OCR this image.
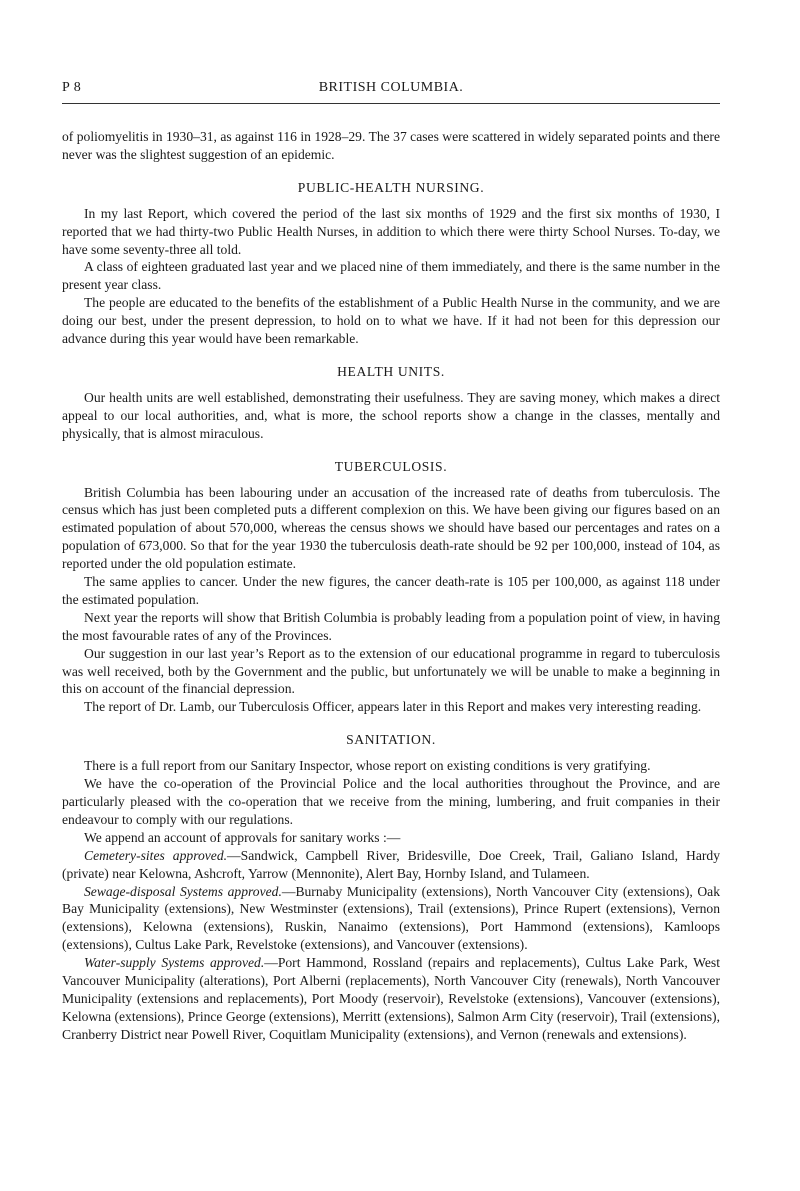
P 8	BRITISH COLUMBIA.

of poliomyelitis in 1930–31, as against 116 in 1928–29. The 37 cases were scattered in widely separated points and there never was the slightest suggestion of an epidemic.

PUBLIC-HEALTH NURSING.

In my last Report, which covered the period of the last six months of 1929 and the first six months of 1930, I reported that we had thirty-two Public Health Nurses, in addition to which there were thirty School Nurses. To-day, we have some seventy-three all told.

A class of eighteen graduated last year and we placed nine of them immediately, and there is the same number in the present year class.

The people are educated to the benefits of the establishment of a Public Health Nurse in the community, and we are doing our best, under the present depression, to hold on to what we have. If it had not been for this depression our advance during this year would have been remarkable.

HEALTH UNITS.

Our health units are well established, demonstrating their usefulness. They are saving money, which makes a direct appeal to our local authorities, and, what is more, the school reports show a change in the classes, mentally and physically, that is almost miraculous.

TUBERCULOSIS.

British Columbia has been labouring under an accusation of the increased rate of deaths from tuberculosis. The census which has just been completed puts a different complexion on this. We have been giving our figures based on an estimated population of about 570,000, whereas the census shows we should have based our percentages and rates on a population of 673,000. So that for the year 1930 the tuberculosis death-rate should be 92 per 100,000, instead of 104, as reported under the old population estimate.

The same applies to cancer. Under the new figures, the cancer death-rate is 105 per 100,000, as against 118 under the estimated population.

Next year the reports will show that British Columbia is probably leading from a population point of view, in having the most favourable rates of any of the Provinces.

Our suggestion in our last year’s Report as to the extension of our educational programme in regard to tuberculosis was well received, both by the Government and the public, but unfortunately we will be unable to make a beginning in this on account of the financial depression.

The report of Dr. Lamb, our Tuberculosis Officer, appears later in this Report and makes very interesting reading.

SANITATION.

There is a full report from our Sanitary Inspector, whose report on existing conditions is very gratifying.

We have the co-operation of the Provincial Police and the local authorities throughout the Province, and are particularly pleased with the co-operation that we receive from the mining, lumbering, and fruit companies in their endeavour to comply with our regulations.

We append an account of approvals for sanitary works :—

Cemetery-sites approved.—Sandwick, Campbell River, Bridesville, Doe Creek, Trail, Galiano Island, Hardy (private) near Kelowna, Ashcroft, Yarrow (Mennonite), Alert Bay, Hornby Island, and Tulameen.

Sewage-disposal Systems approved.—Burnaby Municipality (extensions), North Vancouver City (extensions), Oak Bay Municipality (extensions), New Westminster (extensions), Trail (extensions), Prince Rupert (extensions), Vernon (extensions), Kelowna (extensions), Ruskin, Nanaimo (extensions), Port Hammond (extensions), Kamloops (extensions), Cultus Lake Park, Revelstoke (extensions), and Vancouver (extensions).

Water-supply Systems approved.—Port Hammond, Rossland (repairs and replacements), Cultus Lake Park, West Vancouver Municipality (alterations), Port Alberni (replacements), North Vancouver City (renewals), North Vancouver Municipality (extensions and replacements), Port Moody (reservoir), Revelstoke (extensions), Vancouver (extensions), Kelowna (extensions), Prince George (extensions), Merritt (extensions), Salmon Arm City (reservoir), Trail (extensions), Cranberry District near Powell River, Coquitlam Municipality (extensions), and Vernon (renewals and extensions).
